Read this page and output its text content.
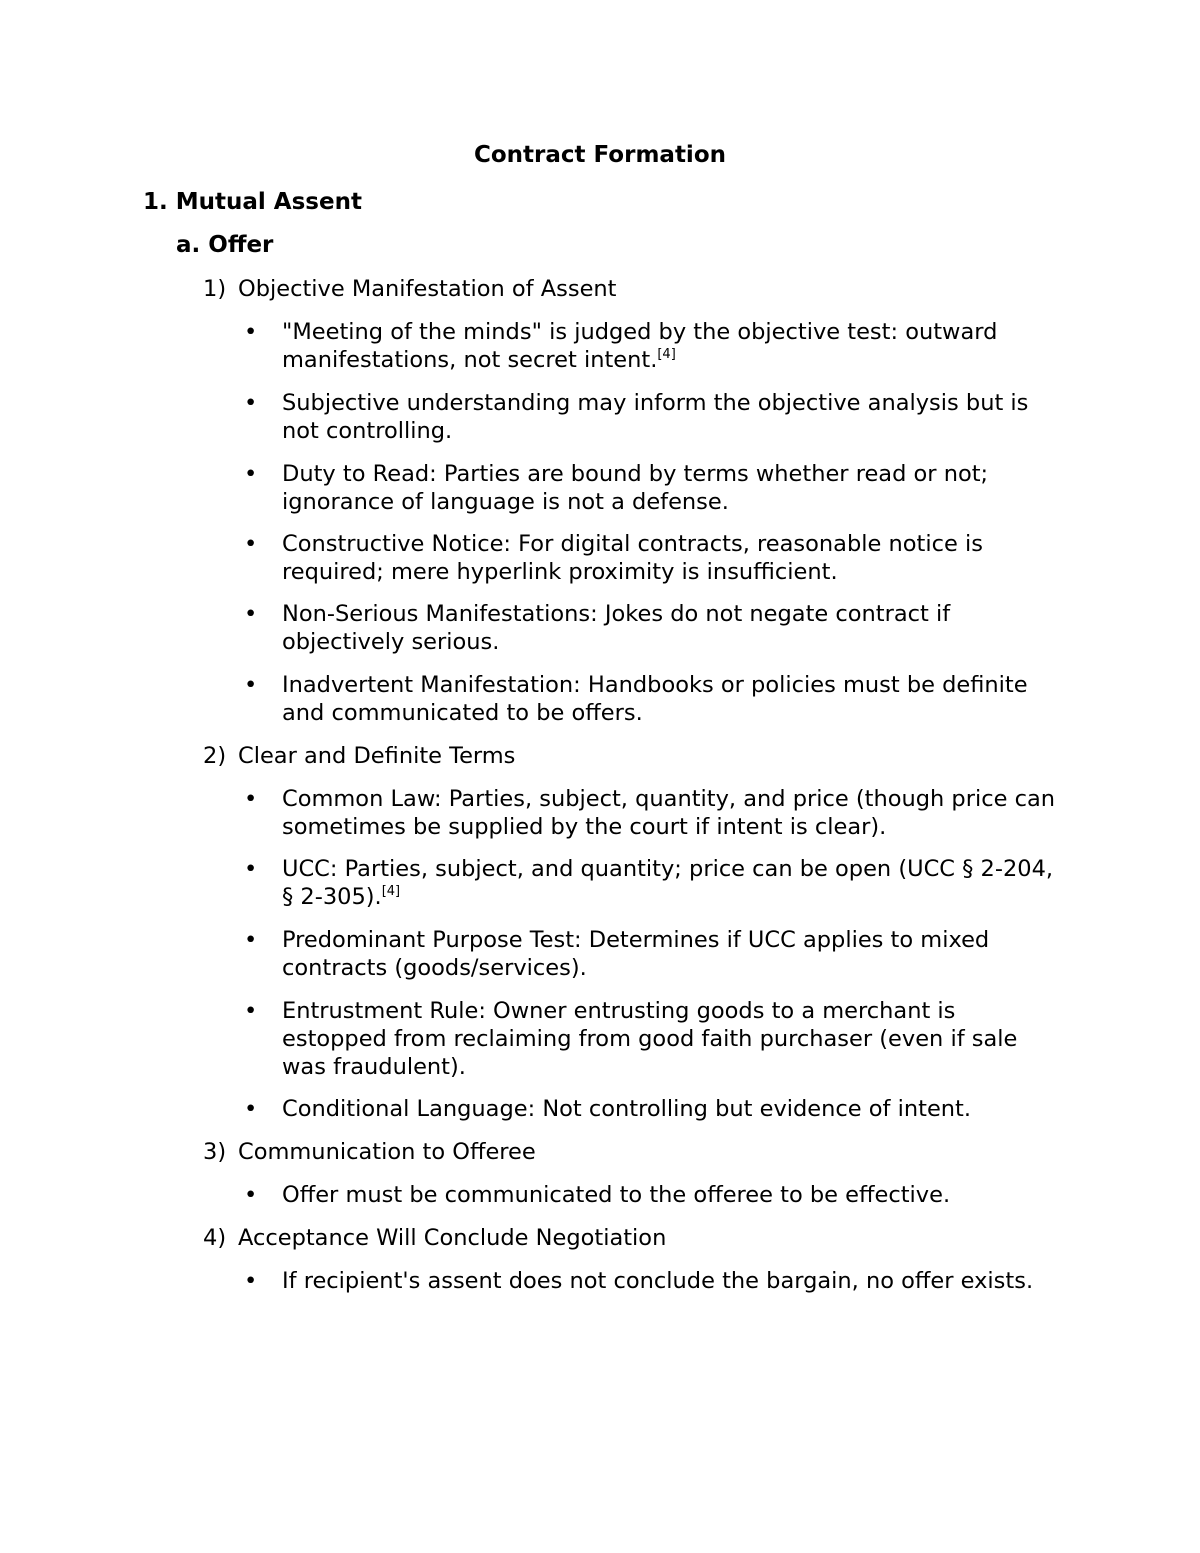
Contract Formation
1. Mutual Assent
a. Offer
1) Objective Manifestation of Assent
•	"Meeting of the minds" is judged by the objective test: outward manifestations, not secret intent.[4]
•	Subjective understanding may inform the objective analysis but is not controlling.
•	Duty to Read: Parties are bound by terms whether read or not; ignorance of language is not a defense.
•	Constructive Notice: For digital contracts, reasonable notice is required; mere hyperlink proximity is insufficient.
•	Non-Serious Manifestations: Jokes do not negate contract if objectively serious.
•	Inadvertent Manifestation: Handbooks or policies must be definite and communicated to be offers.
2) Clear and Definite Terms
•	Common Law: Parties, subject, quantity, and price (though price can sometimes be supplied by the court if intent is clear).
•	UCC: Parties, subject, and quantity; price can be open (UCC § 2-204, § 2-305).[4]
•	Predominant Purpose Test: Determines if UCC applies to mixed contracts (goods/services).
•	Entrustment Rule: Owner entrusting goods to a merchant is estopped from reclaiming from good faith purchaser (even if sale was fraudulent).
•	Conditional Language: Not controlling but evidence of intent.
3) Communication to Offeree
•	Offer must be communicated to the offeree to be effective.
4) Acceptance Will Conclude Negotiation
•	If recipient's assent does not conclude the bargain, no offer exists.
